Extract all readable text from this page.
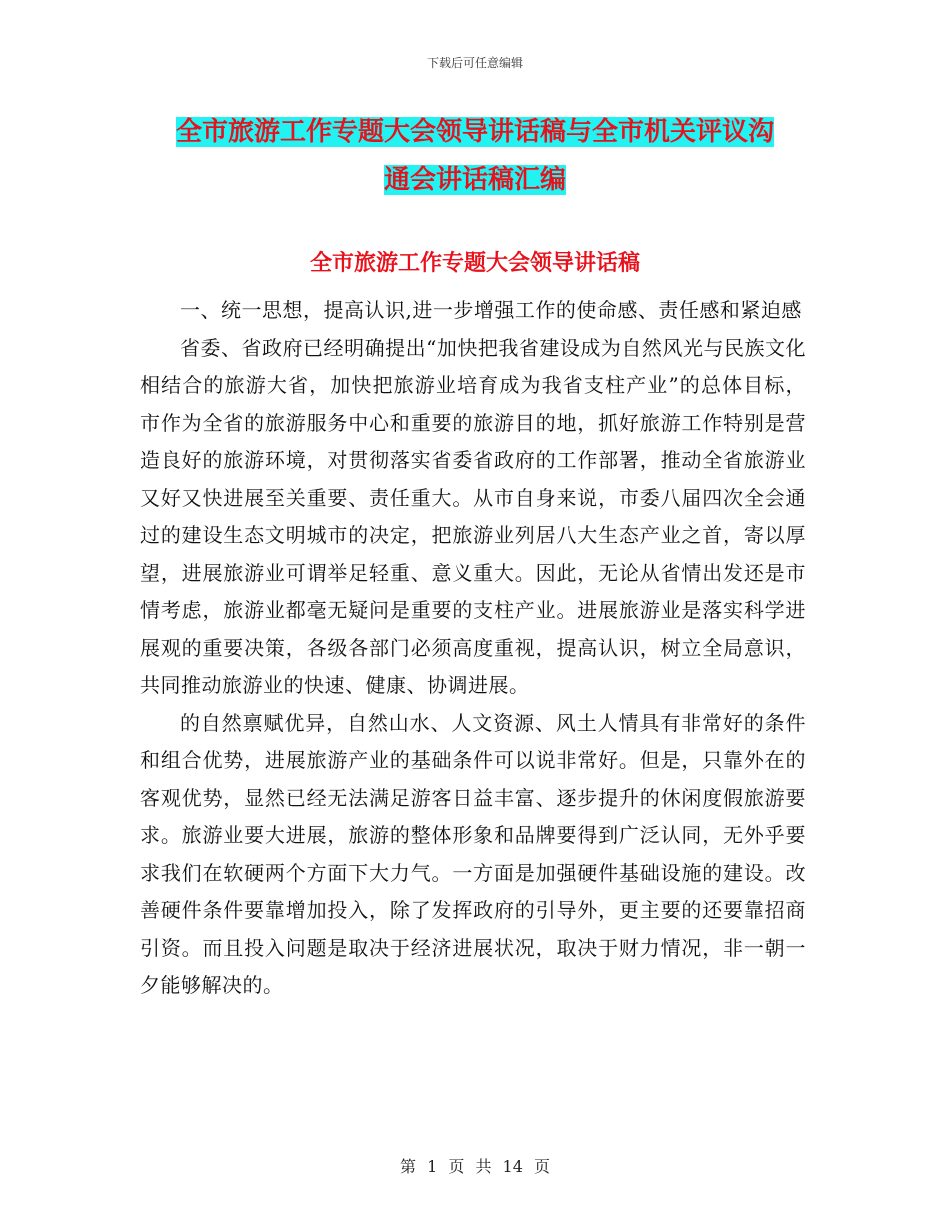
下载后可任意编辑
全市旅游工作专题大会领导讲话稿与全市机关评议沟
通会讲话稿汇编
全市旅游工作专题大会领导讲话稿

一、统一思想，提高认识,进一步增强工作的使命感、责任感和紧迫感

省委、省政府已经明确提出“加快把我省建设成为自然风光与民族文化相结合的旅游大省，加快把旅游业培育成为我省支柱产业”的总体目标，市作为全省的旅游服务中心和重要的旅游目的地，抓好旅游工作特别是营造良好的旅游环境，对贯彻落实省委省政府的工作部署，推动全省旅游业又好又快进展至关重要、责任重大。从市自身来说，市委八届四次全会通过的建设生态文明城市的决定，把旅游业列居八大生态产业之首，寄以厚望，进展旅游业可谓举足轻重、意义重大。因此，无论从省情出发还是市情考虑，旅游业都毫无疑问是重要的支柱产业。进展旅游业是落实科学进展观的重要决策，各级各部门必须高度重视，提高认识，树立全局意识，共同推动旅游业的快速、健康、协调进展。

的自然禀赋优异，自然山水、人文资源、风土人情具有非常好的条件和组合优势，进展旅游产业的基础条件可以说非常好。但是，只靠外在的客观优势，显然已经无法满足游客日益丰富、逐步提升的休闲度假旅游要求。旅游业要大进展，旅游的整体形象和品牌要得到广泛认同，无外乎要求我们在软硬两个方面下大力气。一方面是加强硬件基础设施的建设。改善硬件条件要靠增加投入，除了发挥政府的引导外，更主要的还要靠招商引资。而且投入问题是取决于经济进展状况，取决于财力情况，非一朝一夕能够解决的。

第 1 页 共 14 页
